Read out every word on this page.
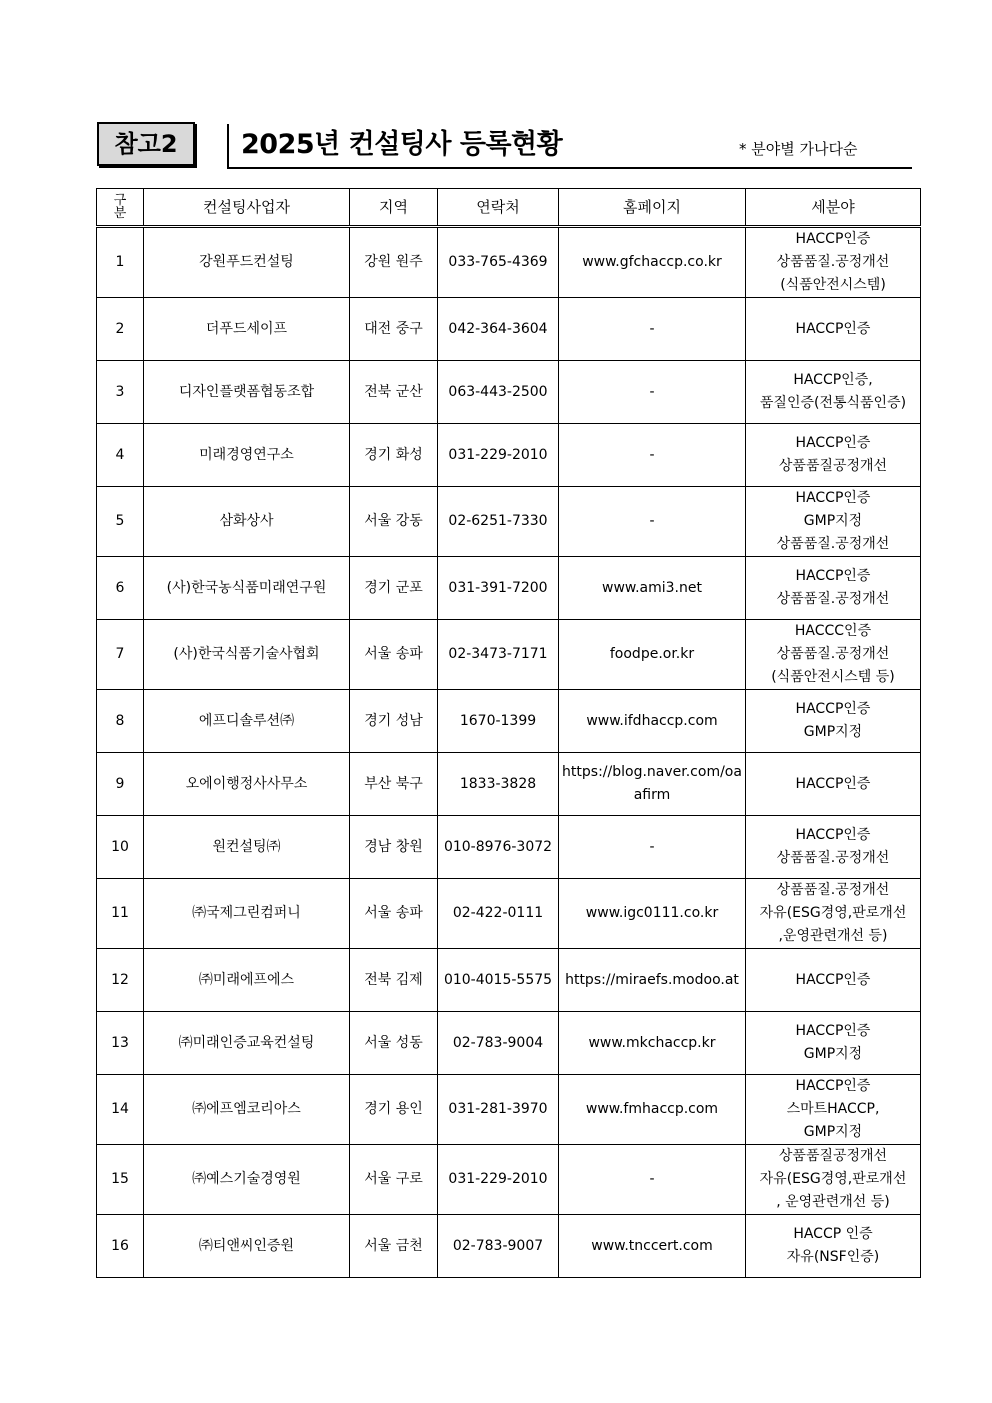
참고2	2025년 컨설팅사 등록현황	* 분야별 가나다순
구
분	컨설팅사업자	지역	연락처	홈페이지	세분야
1	강원푸드컨설팅	강원 원주	033-765-4369	www.gfchaccp.co.kr	HACCP인증
상품품질.공정개선
(식품안전시스템)

2	더푸드세이프	대전 중구	042-364-3604	-	HACCP인증

3	디자인플랫폼협동조합	전북 군산	063-443-2500	-	HACCP인증,
품질인증(전통식품인증)

4	미래경영연구소	경기 화성	031-229-2010	-	HACCP인증
상품품질공정개선

5	삼화상사	서울 강동	02-6251-7330	-	HACCP인증
GMP지정
상품품질.공정개선

6	(사)한국농식품미래연구원	경기 군포	031-391-7200	www.ami3.net	HACCP인증
상품품질.공정개선

7	(사)한국식품기술사협회	서울 송파	02-3473-7171	foodpe.or.kr	HACCC인증
상품품질.공정개선
(식품안전시스템 등)

8	에프디솔루션㈜	경기 성남	1670-1399	www.ifdhaccp.com	HACCP인증
GMP지정

9	오에이행정사사무소	부산 북구	1833-3828	https://blog.naver.com/oaafirm	HACCP인증

10	원컨설팅㈜	경남 창원	010-8976-3072	-	HACCP인증
상품품질.공정개선

11	㈜국제그린컴퍼니	서울 송파	02-422-0111	www.igc0111.co.kr	상품품질.공정개선
자유(ESG경영,판로개선
,운영관련개선 등)

12	㈜미래에프에스	전북 김제	010-4015-5575	https://miraefs.modoo.at	HACCP인증

13	㈜미래인증교육컨설팅	서울 성동	02-783-9004	www.mkchaccp.kr	HACCP인증
GMP지정

14	㈜에프엠코리아스	경기 용인	031-281-3970	www.fmhaccp.com	HACCP인증
스마트HACCP,
GMP지정

15	㈜예스기술경영원	서울 구로	031-229-2010	-	상품품질공정개선
자유(ESG경영,판로개선
, 운영관련개선 등)

16	㈜티앤씨인증원	서울 금천	02-783-9007	www.tnccert.com	HACCP 인증
자유(NSF인증)
